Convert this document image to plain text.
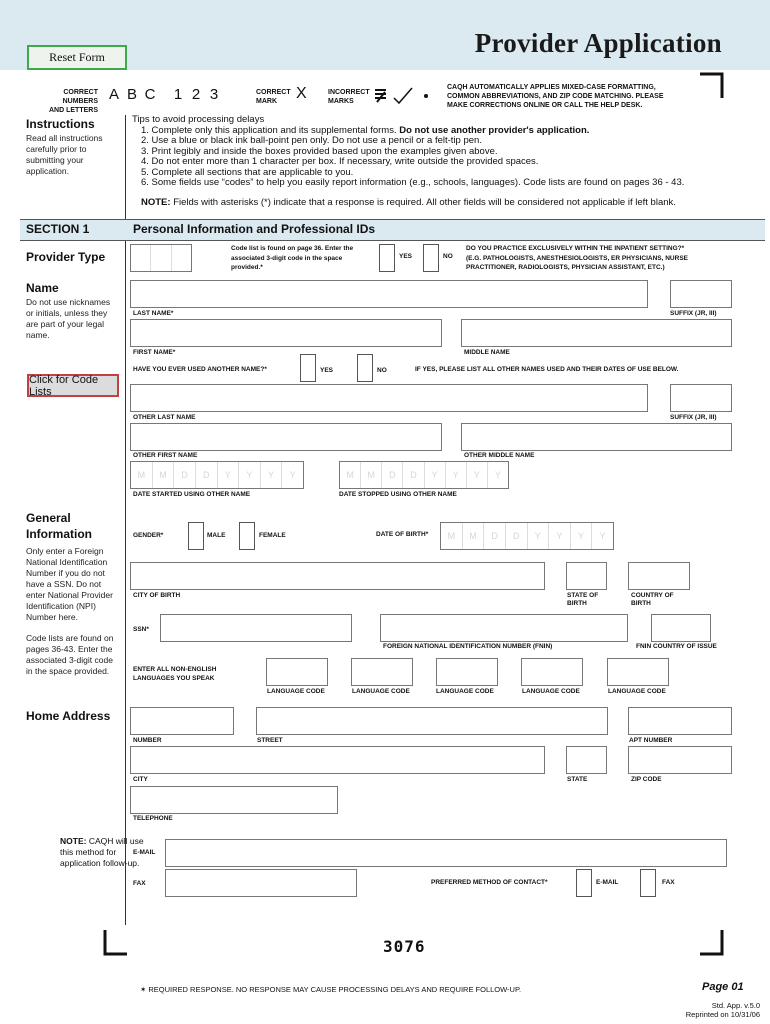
Provider Application
Reset Form
CORRECT NUMBERS
AND LETTERS
A B C 1 2 3	CORRECT
MARK	X	INCORRECT
MARKS
CAQH AUTOMATICALLY APPLIES MIXED-CASE FORMATTING,
COMMON ABBREVIATIONS, AND ZIP CODE MATCHING. PLEASE
MAKE CORRECTIONS ONLINE OR CALL THE HELP DESK.
Instructions
Read all instructions
carefully prior to
submitting your
application.
Tips to avoid processing delays
1. Complete only this application and its supplemental forms. Do not use another provider's application.
2. Use a blue or black ink ball-point pen only. Do not use a pencil or a felt-tip pen.
3. Print legibly and inside the boxes provided based upon the examples given above.
4. Do not enter more than 1 character per box. If necessary, write outside the provided spaces.
5. Complete all sections that are applicable to you.
6. Some fields use “codes” to help you easily report information (e.g., schools, languages). Code lists are found on pages 36 - 43.
NOTE: Fields with asterisks (*) indicate that a response is required. All other fields will be considered not applicable if left blank.
SECTION 1	Personal Information and Professional IDs
Provider Type
Code list is found on page 36. Enter the
associated 3-digit code in the space
provided.*
YES	NO
DO YOU PRACTICE EXCLUSIVELY WITHIN THE INPATIENT SETTING?*
(E.G. PATHOLOGISTS, ANESTHESIOLOGISTS, ER PHYSICIANS, NURSE
PRACTITIONER, RADIOLOGISTS, PHYSICIAN ASSISTANT, ETC.)
Name
Do not use nicknames
or initials, unless they
are part of your legal
name.
LAST NAME*	SUFFIX (JR, III)
FIRST NAME*	MIDDLE NAME
HAVE YOU EVER USED ANOTHER NAME?*	YES	NO	IF YES, PLEASE LIST ALL OTHER NAMES USED AND THEIR DATES OF USE BELOW.
Click for Code Lists
OTHER LAST NAME	SUFFIX (JR, III)
OTHER FIRST NAME	OTHER MIDDLE NAME
M	M	D	D	Y	Y	Y	Y	M	M	D	D	Y	Y	Y	Y
DATE STARTED USING OTHER NAME	DATE STOPPED USING OTHER NAME
General
Information
Only enter a Foreign
National Identification
Number if you do not
have a SSN. Do not
enter National Provider
Identification (NPI)
Number here.
Code lists are found on
pages 36-43. Enter the
associated 3-digit code
in the space provided.
GENDER*	MALE	FEMALE	DATE OF BIRTH*	M	M	D	D	Y	Y	Y	Y
CITY OF BIRTH	STATE OF
BIRTH
COUNTRY OF
BIRTH
SSN*
FOREIGN NATIONAL IDENTIFICATION NUMBER (FNIN)	FNIN COUNTRY OF ISSUE
ENTER ALL NON-ENGLISH
LANGUAGES YOU SPEAK
LANGUAGE CODE	LANGUAGE CODE	LANGUAGE CODE	LANGUAGE CODE	LANGUAGE CODE
Home Address
NUMBER	STREET	APT NUMBER
CITY	STATE	ZIP CODE
TELEPHONE
NOTE: CAQH will use
this method for
application follow-up.
E-MAIL
FAX	PREFERRED METHOD OF CONTACT*	E-MAIL	FAX
3076
✶ REQUIRED RESPONSE. NO RESPONSE MAY CAUSE PROCESSING DELAYS AND REQUIRE FOLLOW-UP.	Page 01
Std. App. v.5.0
Reprinted on 10/31/06
